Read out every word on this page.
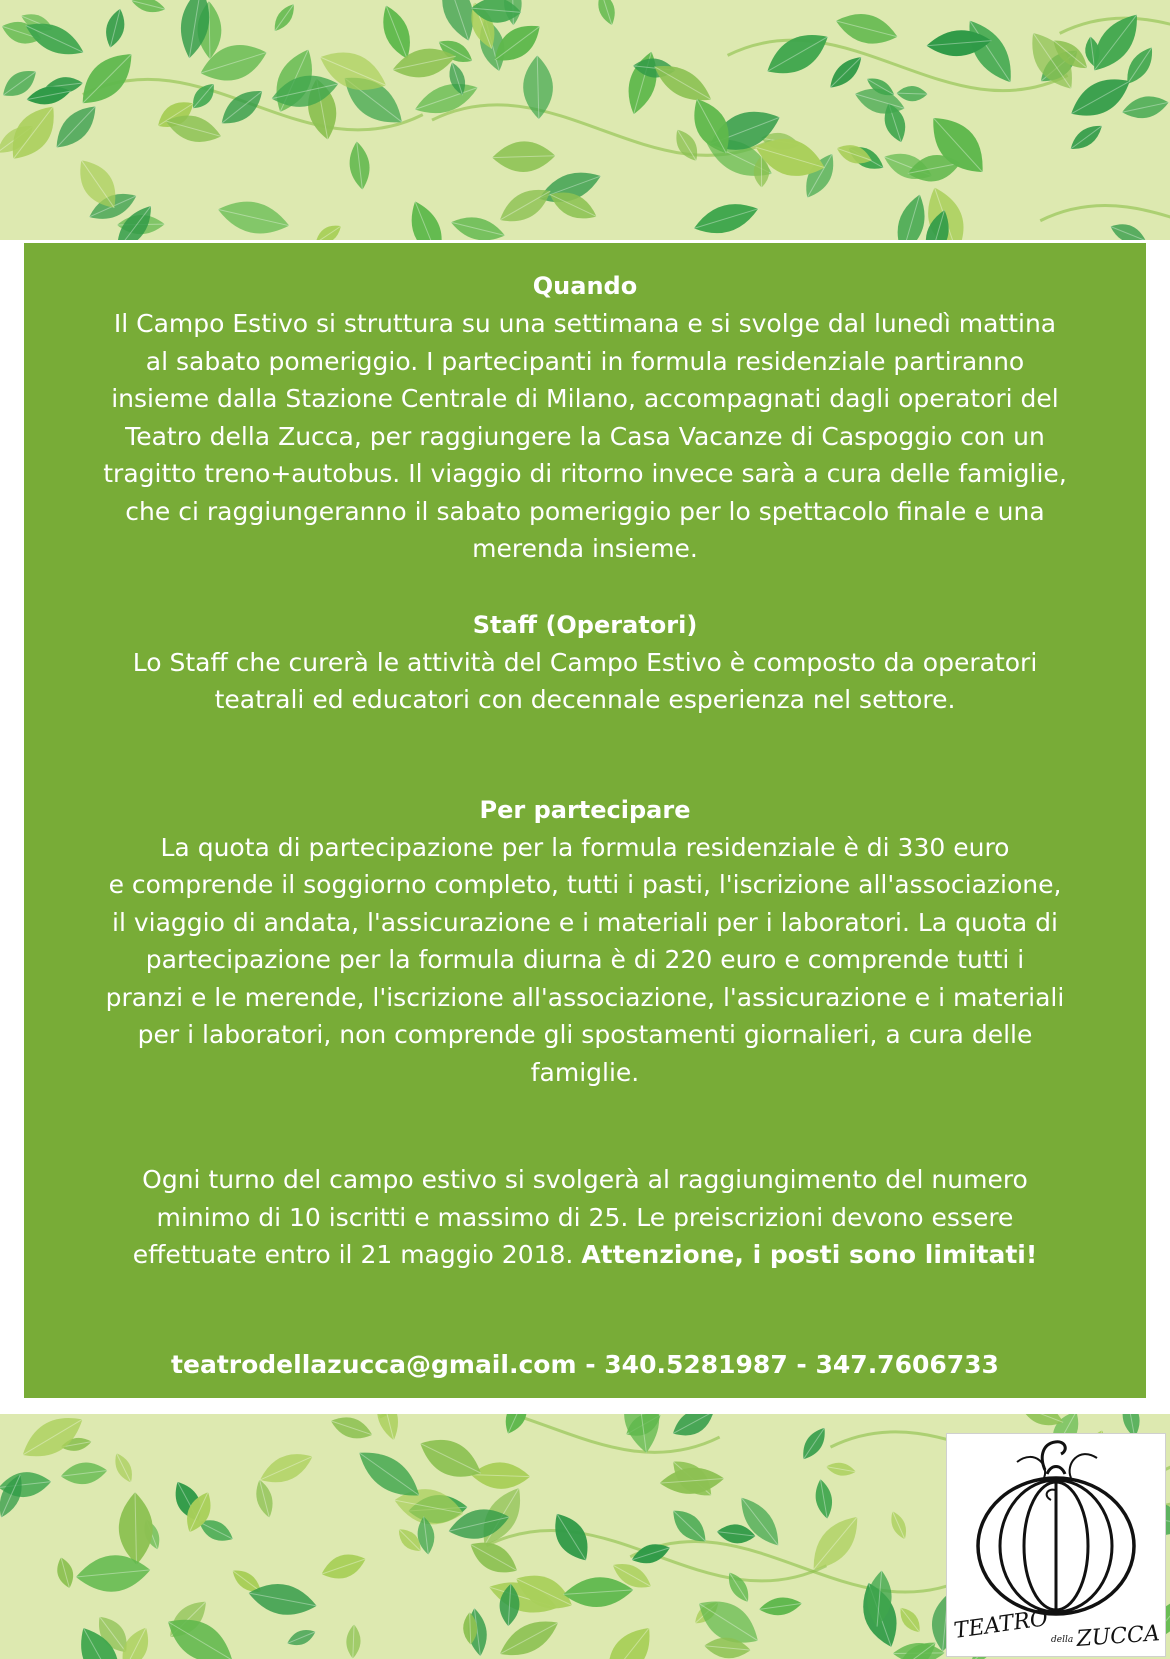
Quando

Il Campo Estivo si struttura su una settimana e si svolge dal lunedì mattina

al sabato pomeriggio. I partecipanti in formula residenziale partiranno

insieme dalla Stazione Centrale di Milano, accompagnati dagli operatori del

Teatro della Zucca, per raggiungere la Casa Vacanze di Caspoggio con un

tragitto treno+autobus. Il viaggio di ritorno invece sarà a cura delle famiglie,

che ci raggiungeranno il sabato pomeriggio per lo spettacolo finale e una

merenda insieme.

Staff (Operatori)

Lo Staff che curerà le attività del Campo Estivo è composto da operatori

teatrali ed educatori con decennale esperienza nel settore.

Per partecipare

La quota di partecipazione per la formula residenziale è di 330 euro

e comprende il soggiorno completo, tutti i pasti, l'iscrizione all'associazione,

il viaggio di andata, l'assicurazione e i materiali per i laboratori. La quota di

partecipazione per la formula diurna è di 220 euro e comprende tutti i

pranzi e le merende, l'iscrizione all'associazione, l'assicurazione e i materiali

per i laboratori, non comprende gli spostamenti giornalieri, a cura delle

famiglie.

Ogni turno del campo estivo si svolgerà al raggiungimento del numero

minimo di 10 iscritti e massimo di 25. Le preiscrizioni devono essere

effettuate entro il 21 maggio 2018. Attenzione, i posti sono limitati!

teatrodellazucca@gmail.com - 340.5281987 - 347.7606733

TEATRO della ZUCCA
